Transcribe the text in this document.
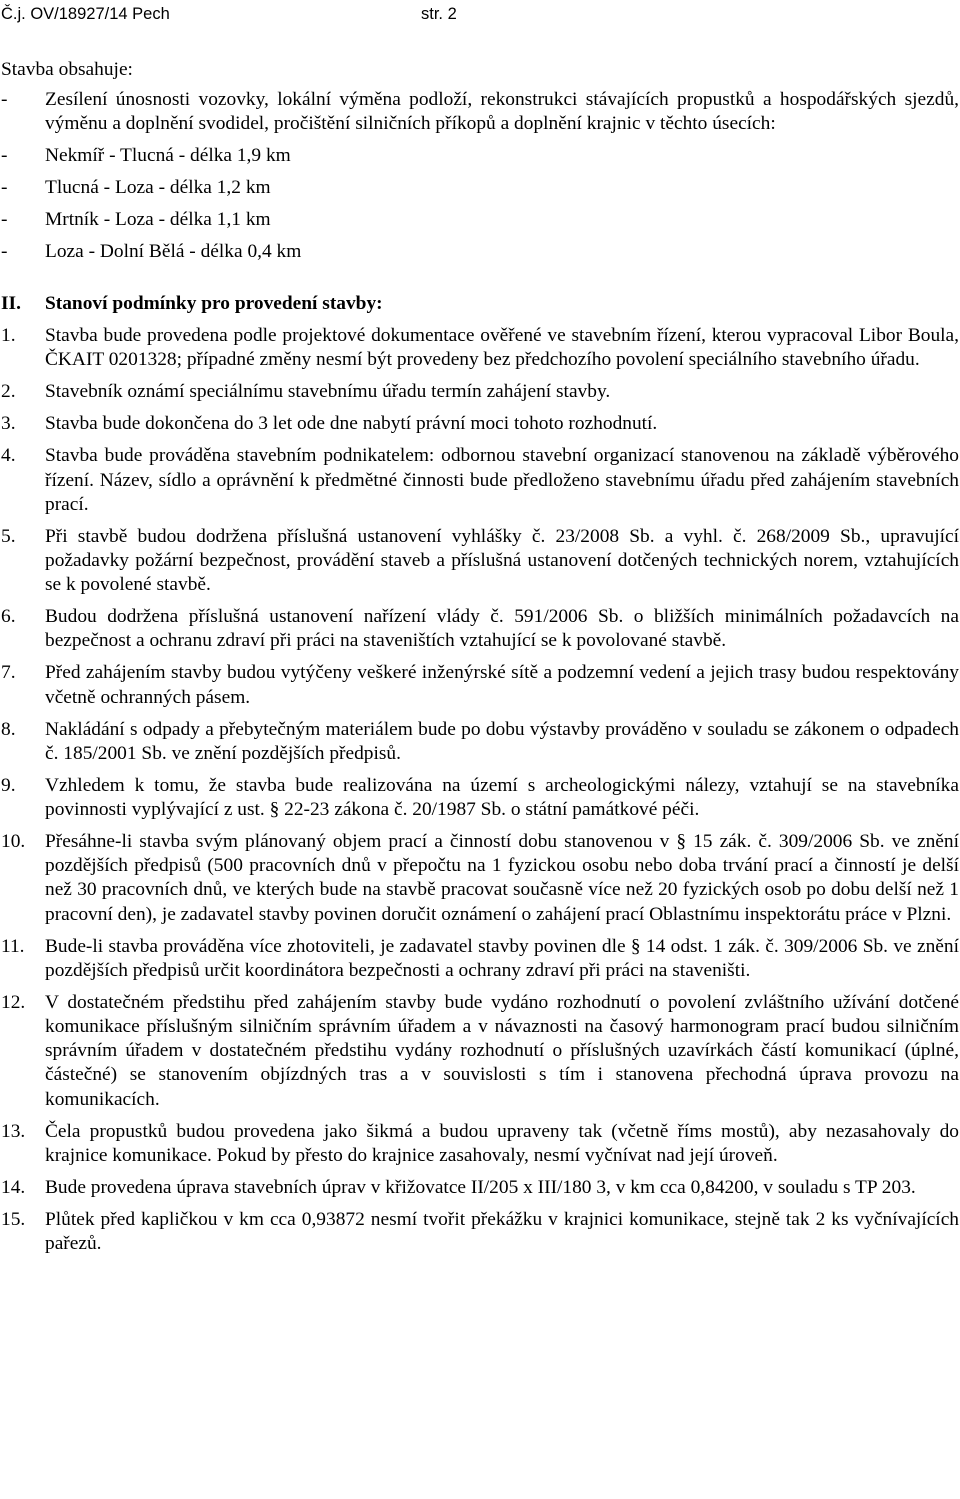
Č.j. OV/18927/14 Pech	str. 2
Stavba obsahuje:
-	Zesílení únosnosti vozovky, lokální výměna podloží, rekonstrukci stávajících propustků a hospodářských sjezdů, výměnu a doplnění svodidel, pročištění silničních příkopů a doplnění krajnic v těchto úsecích:
-	Nekmíř - Tlucná - délka 1,9 km
-	Tlucná - Loza - délka 1,2 km
-	Mrtník - Loza - délka 1,1 km
-	Loza - Dolní Bělá - délka 0,4 km
II.	Stanoví podmínky pro provedení stavby:
1.	Stavba bude provedena podle projektové dokumentace ověřené ve stavebním řízení, kterou vypracoval Libor Boula, ČKAIT 0201328; případné změny nesmí být provedeny bez předchozího povolení speciálního stavebního úřadu.
2.	Stavebník oznámí speciálnímu stavebnímu úřadu termín zahájení stavby.
3.	Stavba bude dokončena do 3 let ode dne nabytí právní moci tohoto rozhodnutí.
4.	Stavba bude prováděna stavebním podnikatelem: odbornou stavební organizací stanovenou na základě výběrového řízení. Název, sídlo a oprávnění k předmětné činnosti bude předloženo stavebnímu úřadu před zahájením stavebních prací.
5.	Při stavbě budou dodržena příslušná ustanovení vyhlášky č. 23/2008 Sb. a vyhl. č. 268/2009 Sb., upravující požadavky požární bezpečnost, provádění staveb a příslušná ustanovení dotčených technických norem, vztahujících se k povolené stavbě.
6.	Budou dodržena příslušná ustanovení nařízení vlády č. 591/2006 Sb. o bližších minimálních požadavcích na bezpečnost a ochranu zdraví při práci na staveništích vztahující se k povolované stavbě.
7.	Před zahájením stavby budou vytýčeny veškeré inženýrské sítě a podzemní vedení a jejich trasy budou respektovány včetně ochranných pásem.
8.	Nakládání s odpady a přebytečným materiálem bude po dobu výstavby prováděno v souladu se zákonem o odpadech č. 185/2001 Sb. ve znění pozdějších předpisů.
9.	Vzhledem k tomu, že stavba bude realizována na území s archeologickými nálezy, vztahují se na stavebníka povinnosti vyplývající z ust. § 22-23 zákona č. 20/1987 Sb. o státní památkové péči.
10.	Přesáhne-li stavba svým plánovaný objem prací a činností dobu stanovenou v § 15 zák. č. 309/2006 Sb. ve znění pozdějších předpisů (500 pracovních dnů v přepočtu na 1 fyzickou osobu nebo doba trvání prací a činností je delší než 30 pracovních dnů, ve kterých bude na stavbě pracovat současně více než 20 fyzických osob po dobu delší než 1 pracovní den), je zadavatel stavby povinen doručit oznámení o zahájení prací Oblastnímu inspektorátu práce v Plzni.
11.	Bude-li stavba prováděna více zhotoviteli, je zadavatel stavby povinen dle § 14 odst. 1 zák. č. 309/2006 Sb. ve znění pozdějších předpisů určit koordinátora bezpečnosti a ochrany zdraví při práci na staveništi.
12.	V dostatečném předstihu před zahájením stavby bude vydáno rozhodnutí o povolení zvláštního užívání dotčené komunikace příslušným silničním správním úřadem a v návaznosti na časový harmonogram prací budou silničním správním úřadem v dostatečném předstihu vydány rozhodnutí o příslušných uzavírkách částí komunikací (úplné, částečné) se stanovením objízdných tras a v souvislosti s tím i stanovena přechodná úprava provozu na komunikacích.
13.	Čela propustků budou provedena jako šikmá a budou upraveny tak (včetně říms mostů), aby nezasahovaly do krajnice komunikace. Pokud by přesto do krajnice zasahovaly, nesmí vyčnívat nad její úroveň.
14.	Bude provedena úprava stavebních úprav v křižovatce II/205 x III/180 3, v km cca 0,84200, v souladu s TP 203.
15.	Plůtek před kapličkou v km cca 0,93872 nesmí tvořit překážku v krajnici komunikace, stejně tak 2 ks vyčnívajících pařezů.
